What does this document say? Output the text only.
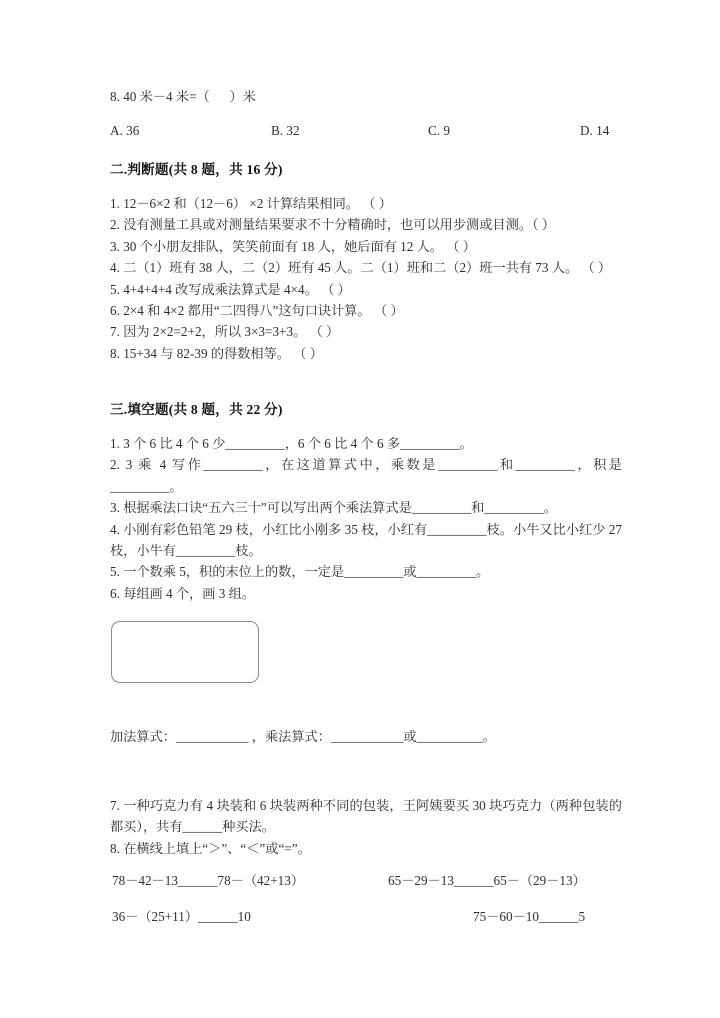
8. 40 米－4 米=（      ）米
A. 36	B. 32	C. 9	D. 14
二.判断题(共 8 题，共 16 分)

1. 12－6×2 和（12－6） ×2 计算结果相同。 （ ）

2. 没有测量工具或对测量结果要求不十分精确时，也可以用步测或目测。（ ）

3. 30 个小朋友排队，笑笑前面有 18 人，她后面有 12 人。 （ ）

4. 二（1）班有 38 人，二（2）班有 45 人。二（1）班和二（2）班一共有 73 人。 （ ）

5. 4+4+4+4 改写成乘法算式是 4×4。 （ ）

6. 2×4 和 4×2 都用“二四得八”这句口诀计算。 （ ）

7. 因为 2×2=2+2，所以 3×3=3+3。 （ ）

8. 15+34 与 82-39 的得数相等。 （ ）

三.填空题(共 8 题，共 22 分)

1. 3 个 6 比 4 个 6 少_________，6 个 6 比 4 个 6 多_________。

2. 3 乘 4 写作_________，在这道算式中，乘数是_________和_________，积是_________。

3. 根据乘法口诀“五六三十”可以写出两个乘法算式是_________和_________。

4. 小刚有彩色铅笔 29 枝，小红比小刚多 35 枝，小红有_________枝。小牛又比小红少 27 枝，小牛有_________枝。

5. 一个数乘 5，积的末位上的数，一定是_________或_________。

6. 每组画 4 个，画 3 组。

加法算式：___________ ，乘法算式：___________或__________。

7. 一种巧克力有 4 块装和 6 块装两种不同的包装，王阿姨要买 30 块巧克力（两种包装的都买），共有______种买法。

8. 在横线上填上“＞”、“＜”或“=”。

78－42－13______78－（42+13）	65－29－13______65－（29－13）
36－（25+11）______10	75－60－10______5
